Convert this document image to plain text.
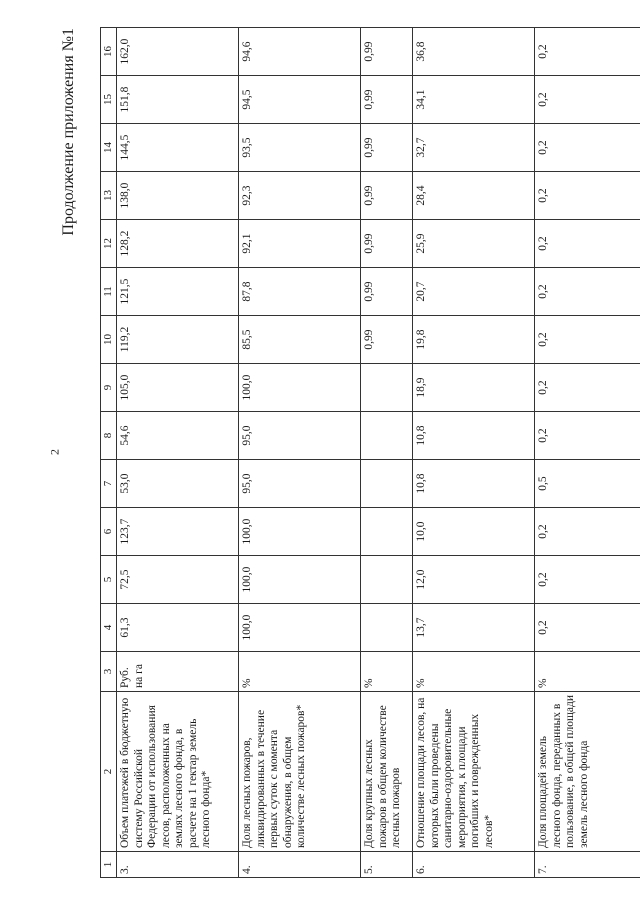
2
Продолжение приложения №1
1	2	3	4	5	6	7	8	9	10	11	12	13	14	15	16
3.	Объем платежей в бюджетную систему Российской Федерации от использования лесов, расположенных на землях лесного фонда, в расчете на 1 гектар земель лесного фонда*	Руб. на га	61,3	72,5	123,7	53,0	54,6	105,0	119,2	121,5	128,2	138,0	144,5	151,8	162,0
4.	Доля лесных пожаров, ликвидированных в течение первых суток с момента обнаружения, в общем количестве лесных пожаров*	%	100,0	100,0	100,0	95,0	95,0	100,0	85,5	87,8	92,1	92,3	93,5	94,5	94,6
5.	Доля крупных лесных пожаров в общем количестве лесных пожаров	%							0,99	0,99	0,99	0,99	0,99	0,99	0,99
6.	Отношение площади лесов, на которых были проведены санитарно-оздоровительные мероприятия, к площади погибших и поврежденных лесов*	%	13,7	12,0	10,0	10,8	10,8	18,9	19,8	20,7	25,9	28,4	32,7	34,1	36,8
7.	Доля площадей земель лесного фонда, переданных в пользование, в общей площади земель лесного фонда	%	0,2	0,2	0,2	0,5	0,2	0,2	0,2	0,2	0,2	0,2	0,2	0,2	0,2
